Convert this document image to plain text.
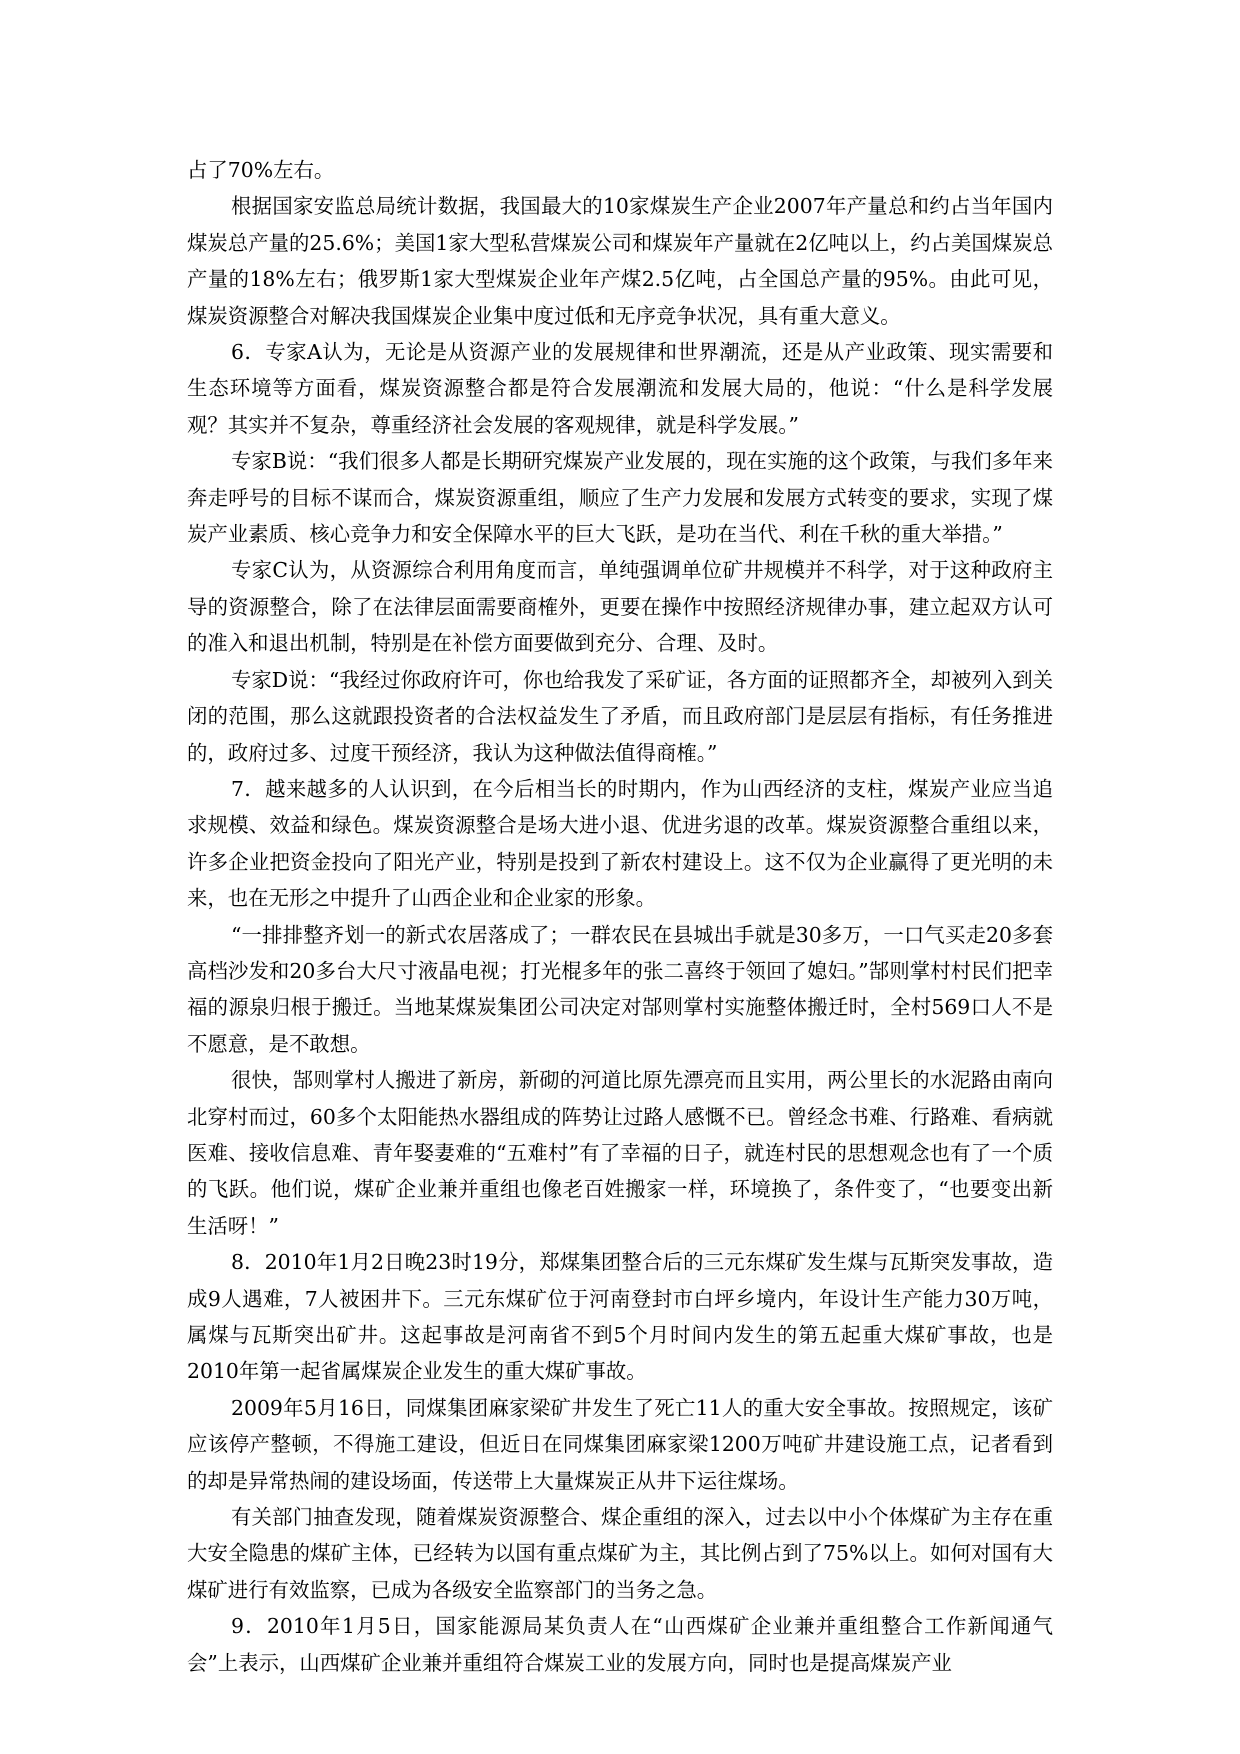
占了70%左右。

根据国家安监总局统计数据，我国最大的10家煤炭生产企业2007年产量总和约占当年国内煤炭总产量的25.6%；美国1家大型私营煤炭公司和煤炭年产量就在2亿吨以上，约占美国煤炭总产量的18%左右；俄罗斯1家大型煤炭企业年产煤2.5亿吨，占全国总产量的95%。由此可见，煤炭资源整合对解决我国煤炭企业集中度过低和无序竞争状况，具有重大意义。

6．专家A认为，无论是从资源产业的发展规律和世界潮流，还是从产业政策、现实需要和生态环境等方面看，煤炭资源整合都是符合发展潮流和发展大局的，他说：“什么是科学发展观？其实并不复杂，尊重经济社会发展的客观规律，就是科学发展。”

专家B说：“我们很多人都是长期研究煤炭产业发展的，现在实施的这个政策，与我们多年来奔走呼号的目标不谋而合，煤炭资源重组，顺应了生产力发展和发展方式转变的要求，实现了煤炭产业素质、核心竞争力和安全保障水平的巨大飞跃，是功在当代、利在千秋的重大举措。”

专家C认为，从资源综合利用角度而言，单纯强调单位矿井规模并不科学，对于这种政府主导的资源整合，除了在法律层面需要商榷外，更要在操作中按照经济规律办事，建立起双方认可的准入和退出机制，特别是在补偿方面要做到充分、合理、及时。

专家D说：“我经过你政府许可，你也给我发了采矿证，各方面的证照都齐全，却被列入到关闭的范围，那么这就跟投资者的合法权益发生了矛盾，而且政府部门是层层有指标，有任务推进的，政府过多、过度干预经济，我认为这种做法值得商榷。”

7．越来越多的人认识到，在今后相当长的时期内，作为山西经济的支柱，煤炭产业应当追求规模、效益和绿色。煤炭资源整合是场大进小退、优进劣退的改革。煤炭资源整合重组以来，许多企业把资金投向了阳光产业，特别是投到了新农村建设上。这不仅为企业赢得了更光明的未来，也在无形之中提升了山西企业和企业家的形象。

“一排排整齐划一的新式农居落成了；一群农民在县城出手就是30多万，一口气买走20多套高档沙发和20多台大尺寸液晶电视；打光棍多年的张二喜终于领回了媳妇。”郜则掌村村民们把幸福的源泉归根于搬迁。当地某煤炭集团公司决定对郜则掌村实施整体搬迁时，全村569口人不是不愿意，是不敢想。

很快，郜则掌村人搬进了新房，新砌的河道比原先漂亮而且实用，两公里长的水泥路由南向北穿村而过，60多个太阳能热水器组成的阵势让过路人感慨不已。曾经念书难、行路难、看病就医难、接收信息难、青年娶妻难的“五难村”有了幸福的日子，就连村民的思想观念也有了一个质的飞跃。他们说，煤矿企业兼并重组也像老百姓搬家一样，环境换了，条件变了，“也要变出新生活呀！”

8．2010年1月2日晚23时19分，郑煤集团整合后的三元东煤矿发生煤与瓦斯突发事故，造成9人遇难，7人被困井下。三元东煤矿位于河南登封市白坪乡境内，年设计生产能力30万吨，属煤与瓦斯突出矿井。这起事故是河南省不到5个月时间内发生的第五起重大煤矿事故，也是2010年第一起省属煤炭企业发生的重大煤矿事故。

2009年5月16日，同煤集团麻家梁矿井发生了死亡11人的重大安全事故。按照规定，该矿应该停产整顿，不得施工建设，但近日在同煤集团麻家梁1200万吨矿井建设施工点，记者看到的却是异常热闹的建设场面，传送带上大量煤炭正从井下运往煤场。

有关部门抽查发现，随着煤炭资源整合、煤企重组的深入，过去以中小个体煤矿为主存在重大安全隐患的煤矿主体，已经转为以国有重点煤矿为主，其比例占到了75%以上。如何对国有大煤矿进行有效监察，已成为各级安全监察部门的当务之急。

9．2010年1月5日，国家能源局某负责人在“山西煤矿企业兼并重组整合工作新闻通气会”上表示，山西煤矿企业兼并重组符合煤炭工业的发展方向，同时也是提高煤炭产业
